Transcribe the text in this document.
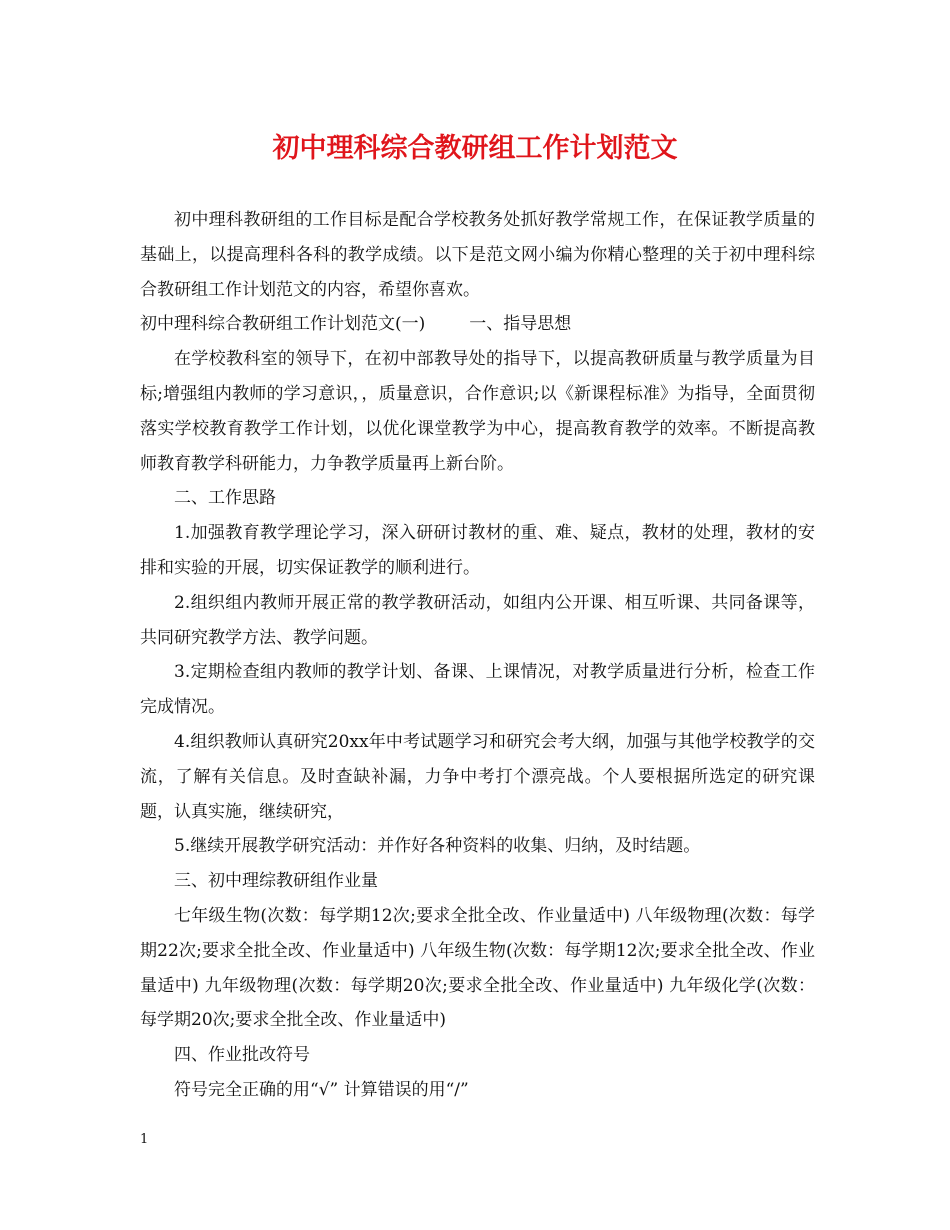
初中理科综合教研组工作计划范文

初中理科教研组的工作目标是配合学校教务处抓好教学常规工作，在保证教学质量的基础上，以提高理科各科的教学成绩。以下是范文网小编为你精心整理的关于初中理科综合教研组工作计划范文的内容，希望你喜欢。

初中理科综合教研组工作计划范文(一)	一、指导思想

在学校教科室的领导下，在初中部教导处的指导下，以提高教研质量与教学质量为目标;增强组内教师的学习意识，，质量意识，合作意识;以《新课程标准》为指导，全面贯彻落实学校教育教学工作计划，以优化课堂教学为中心，提高教育教学的效率。不断提高教师教育教学科研能力，力争教学质量再上新台阶。

二、工作思路

1.加强教育教学理论学习，深入研研讨教材的重、难、疑点，教材的处理，教材的安排和实验的开展，切实保证教学的顺利进行。

2.组织组内教师开展正常的教学教研活动，如组内公开课、相互听课、共同备课等，共同研究教学方法、教学问题。

3.定期检查组内教师的教学计划、备课、上课情况，对教学质量进行分析，检查工作完成情况。

4.组织教师认真研究20xx年中考试题学习和研究会考大纲，加强与其他学校教学的交流，了解有关信息。及时查缺补漏，力争中考打个漂亮战。个人要根据所选定的研究课题，认真实施，继续研究，

5.继续开展教学研究活动：并作好各种资料的收集、归纳，及时结题。

三、初中理综教研组作业量

七年级生物(次数：每学期12次;要求全批全改、作业量适中) 八年级物理(次数：每学期22次;要求全批全改、作业量适中) 八年级生物(次数：每学期12次;要求全批全改、作业量适中) 九年级物理(次数：每学期20次;要求全批全改、作业量适中) 九年级化学(次数：每学期20次;要求全批全改、作业量适中)

四、作业批改符号

符号完全正确的用“√” 计算错误的用“/”

1
